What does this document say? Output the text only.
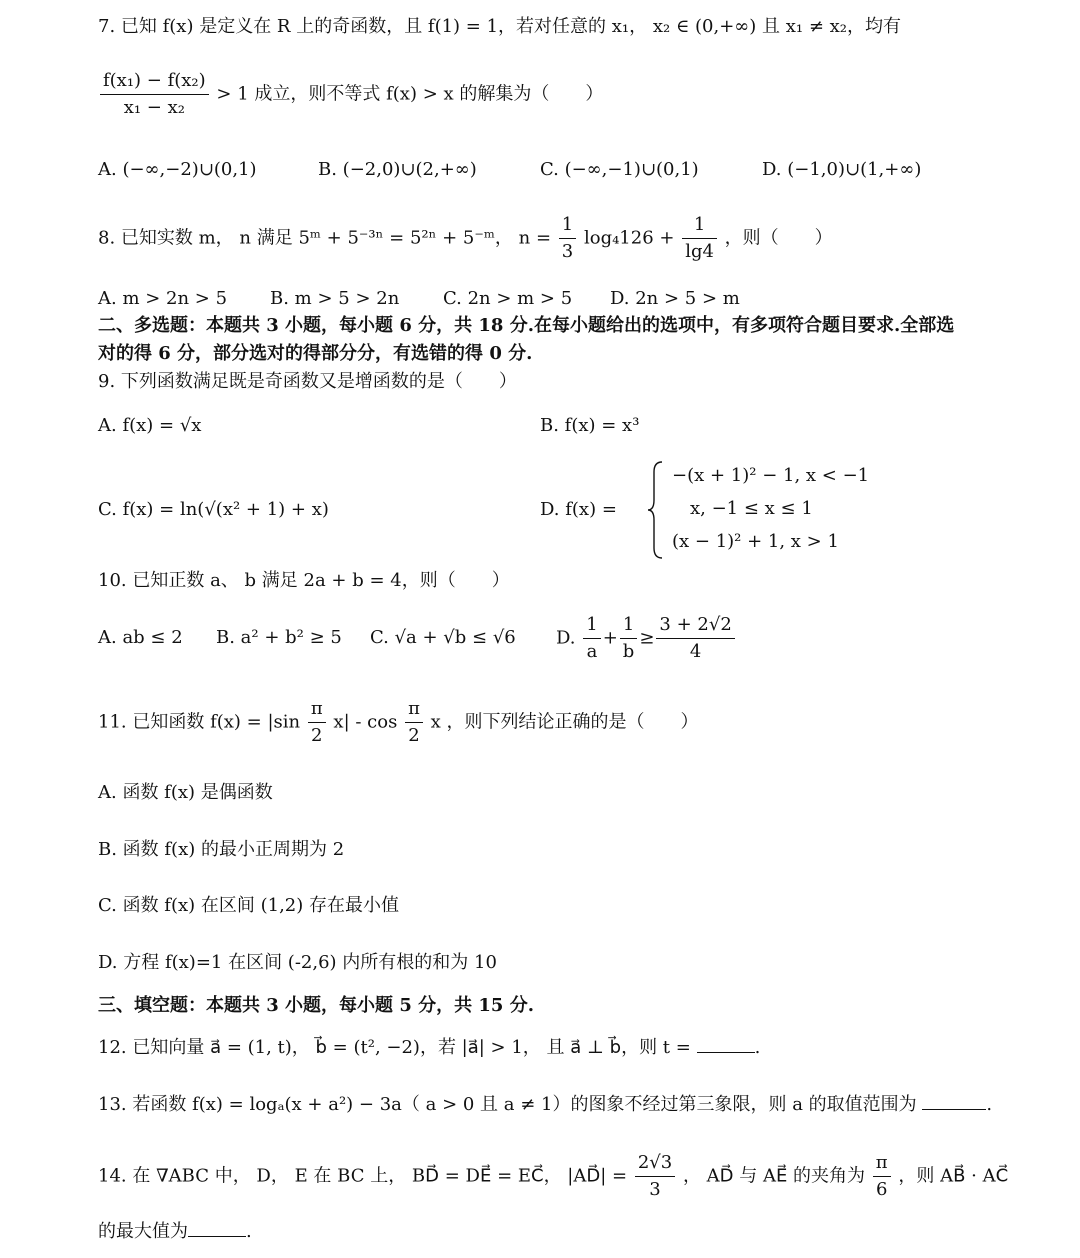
7. 已知 f(x) 是定义在 R 上的奇函数，且 f(1) = 1，若对任意的 x₁， x₂ ∈ (0,+∞) 且 x₁ ≠ x₂，均有
$\frac{\text{f(x₁) − f(x₂)}}{\text{x₁ − x₂}} > 1$ 成立，则不等式 f(x) > x 的解集为（　　）
A. (−∞,−2)∪(0,1)	B. (−2,0)∪(2,+∞)	C. (−∞,−1)∪(0,1)	D. (−1,0)∪(1,+∞)
8. 已知实数 m， n 满足 5ᵐ + 5⁻³ⁿ = 5²ⁿ + 5⁻ᵐ， $n = \frac{1}{3} \log_4126 + \frac{1}{\lg 4}$ ，则（　　）
A. m > 2n > 5 B. m > 5 > 2n C. 2n > m > 5 D. 2n > 5 > m
二、多选题：本题共 3 小题，每小题 6 分，共 18 分.在每小题给出的选项中，有多项符合题目要求.全部选
对的得 6 分，部分选对的得部分分，有选错的得 0 分.
9. 下列函数满足既是奇函数又是增函数的是（　　）
A. f(x) = √x	B. f(x) = x³
C. f(x) = ln(√(x² + 1) + x)	D. f(x) =
−(x + 1)² − 1, x < −1
x, −1 ≤ x ≤ 1
(x − 1)² + 1, x > 1
10. 已知正数 a、 b 满足 2a + b = 4，则（　　）
A. ab ≤ 2 B. a² + b² ≥ 5 C. √a + √b ≤ √6 D. $\frac{1}{a} + \frac{1}{b} \ge \frac{3 + 2√2}{4}$
11. 已知函数 $f(x) = |\sin \frac{\pi}{2} x| - \cos \frac{\pi}{2}$ x ，则下列结论正确的是（　　）
A. 函数 f(x) 是偶函数
B. 函数 f(x) 的最小正周期为 2
C. 函数 f(x) 在区间 (1,2) 存在最小值
D. 方程 f(x)=1 在区间 (-2,6) 内所有根的和为 10
三、填空题：本题共 3 小题，每小题 5 分，共 15 分.
12. 已知向量 a⃗ = (1, t)， b⃗ = (t², −2)，若 |a⃗| > 1， 且 a⃗ ⊥ b⃗，则 t =	.
13. 若函数 f(x) = logₐ(x + a²) − 3a（ a > 0 且 a ≠ 1）的图象不经过第三象限，则 a 的取值范围为	.
14. 在 ∇ABC 中， D， E 在 BC 上， BD⃗ = DE⃗ = EC⃗， |AD⃗| = $\frac{2√3}{3}$ ， AD⃗ 与 AE⃗ 的夹角为 $\frac{\pi}{6}$ ，则 AB⃗ · AC⃗
的最大值为	.
